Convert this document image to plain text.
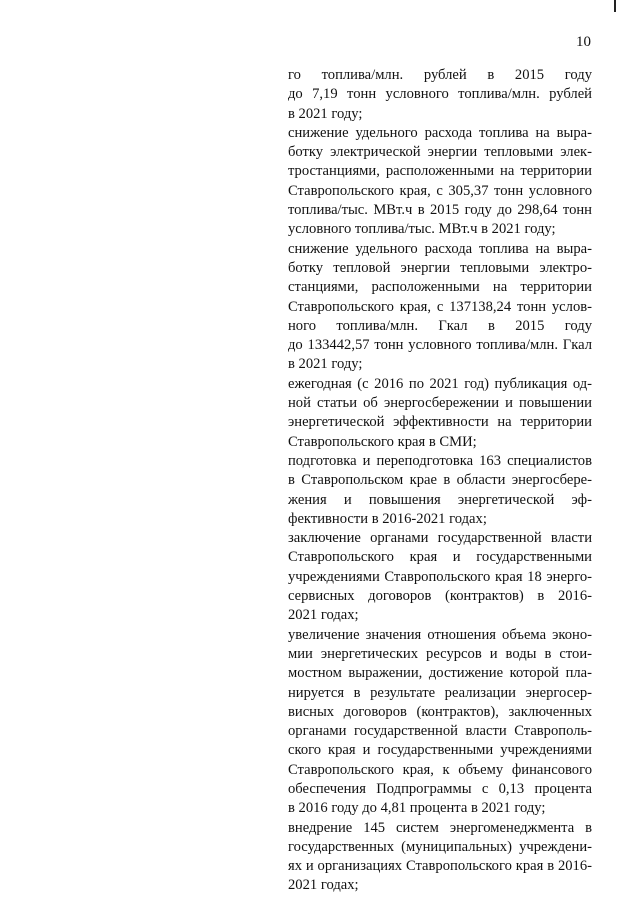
10

го топлива/млн. рублей в 2015 году
до 7,19 тонн условного топлива/млн. рублей
в 2021 году;

снижение удельного расхода топлива на выра-
ботку электрической энергии тепловыми элек-
тростанциями, расположенными на территории
Ставропольского края, с 305,37 тонн условного
топлива/тыс. МВт.ч в 2015 году до 298,64 тонн
условного топлива/тыс. МВт.ч в 2021 году;

снижение удельного расхода топлива на выра-
ботку тепловой энергии тепловыми электро-
станциями, расположенными на территории
Ставропольского края, с 137138,24 тонн услов-
ного топлива/млн. Гкал в 2015 году
до 133442,57 тонн условного топлива/млн. Гкал
в 2021 году;

ежегодная (с 2016 по 2021 год) публикация од-
ной статьи об энергосбережении и повышении
энергетической эффективности на территории
Ставропольского края в СМИ;

подготовка и переподготовка 163 специалистов
в Ставропольском крае в области энергосбере-
жения и повышения энергетической эф-
фективности в 2016-2021 годах;

заключение органами государственной власти
Ставропольского края и государственными
учреждениями Ставропольского края 18 энерго-
сервисных договоров (контрактов) в 2016-
2021 годах;

увеличение значения отношения объема эконо-
мии энергетических ресурсов и воды в стои-
мостном выражении, достижение которой пла-
нируется в результате реализации энергосер-
висных договоров (контрактов), заключенных
органами государственной власти Ставрополь-
ского края и государственными учреждениями
Ставропольского края, к объему финансового
обеспечения Подпрограммы с 0,13 процента
в 2016 году до 4,81 процента в 2021 году;

внедрение 145 систем энергоменеджмента в
государственных (муниципальных) учреждени-
ях и организациях Ставропольского края в 2016-
2021 годах;
